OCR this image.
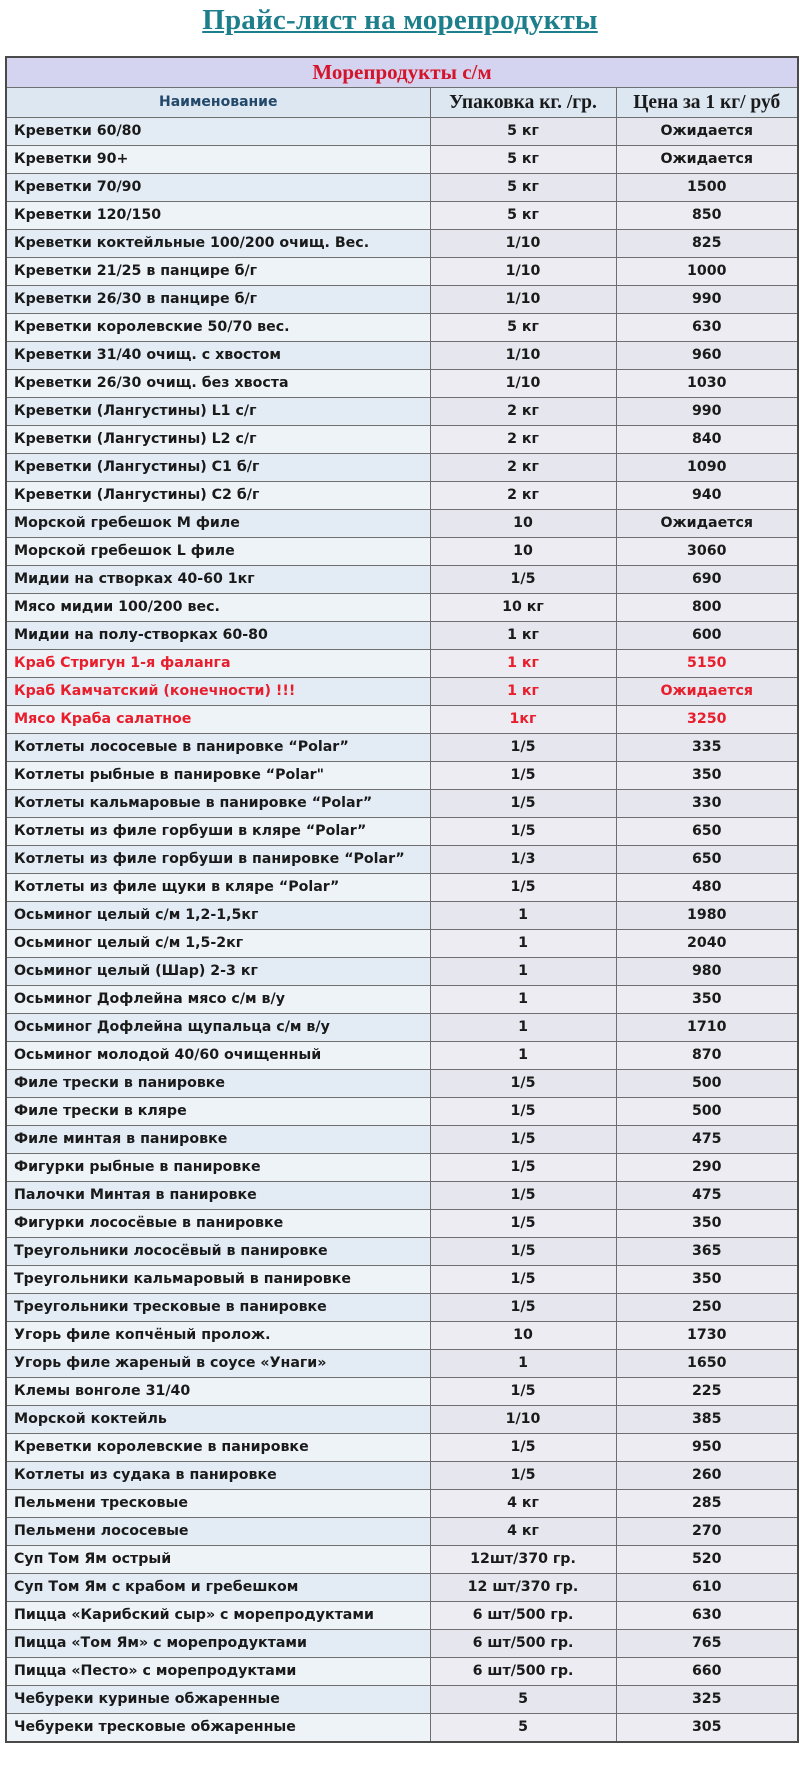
Прайс-лист на морепродукты
Морепродукты с/м		
Наименование	Упаковка кг. /гр.	Цена за 1 кг/ руб
Креветки 60/80	5 кг	Ожидается
Креветки 90+	5 кг	Ожидается
Креветки 70/90	5 кг	1500
Креветки 120/150	5 кг	850
Креветки коктейльные 100/200 очищ. Вес.	1/10	825
Креветки 21/25 в панцире б/г	1/10	1000
Креветки 26/30 в панцире б/г	1/10	990
Креветки королевские 50/70 вес.	5 кг	630
Креветки 31/40 очищ. с хвостом	1/10	960
Креветки 26/30 очищ. без хвоста	1/10	1030
Креветки (Лангустины) L1 с/г	2 кг	990
Креветки (Лангустины) L2 с/г	2 кг	840
Креветки (Лангустины) С1 б/г	2 кг	1090
Креветки (Лангустины) С2 б/г	2 кг	940
Морской гребешок M филе	10	Ожидается
Морской гребешок L филе	10	3060
Мидии на створках 40-60 1кг	1/5	690
Мясо мидии 100/200 вес.	10 кг	800
Мидии на полу-створках 60-80	1 кг	600
Краб Стригун 1-я фаланга	1 кг	5150
Краб Камчатский (конечности) !!!	1 кг	Ожидается
Мясо Краба салатное	1кг	3250
Котлеты лососевые в панировке “Polar”	1/5	335
Котлеты рыбные в панировке “Polar"	1/5	350
Котлеты кальмаровые в панировке “Polar”	1/5	330
Котлеты из филе горбуши в кляре “Polar”	1/5	650
Котлеты из филе горбуши в панировке “Polar”	1/3	650
Котлеты из филе щуки в кляре “Polar”	1/5	480
Осьминог целый с/м 1,2-1,5кг	1	1980
Осьминог целый с/м 1,5-2кг	1	2040
Осьминог целый (Шар) 2-3 кг	1	980
Осьминог Дофлейна мясо с/м в/у	1	350
Осьминог Дофлейна щупальца с/м в/у	1	1710
Осьминог молодой 40/60 очищенный	1	870
Филе трески в панировке	1/5	500
Филе трески в кляре	1/5	500
Филе минтая в панировке	1/5	475
Фигурки рыбные в панировке	1/5	290
Палочки Минтая в панировке	1/5	475
Фигурки лососёвые в панировке	1/5	350
Треугольники лососёвый в панировке	1/5	365
Треугольники кальмаровый в панировке	1/5	350
Треугольники тресковые в панировке	1/5	250
Угорь филе копчёный пролож.	10	1730
Угорь филе жареный в соусе «Унаги»	1	1650
Клемы вонголе 31/40	1/5	225
Морской коктейль	1/10	385
Креветки королевские в панировке	1/5	950
Котлеты из судака в панировке	1/5	260
Пельмени тресковые	4 кг	285
Пельмени лососевые	4 кг	270
Суп Том Ям острый	12шт/370 гр.	520
Суп Том Ям с крабом и гребешком	12 шт/370 гр.	610
Пицца «Карибский сыр» с морепродуктами	6 шт/500 гр.	630
Пицца «Том Ям» с морепродуктами	6 шт/500 гр.	765
Пицца «Песто» с морепродуктами	6 шт/500 гр.	660
Чебуреки куриные обжаренные	5	325
Чебуреки тресковые обжаренные	5	305
